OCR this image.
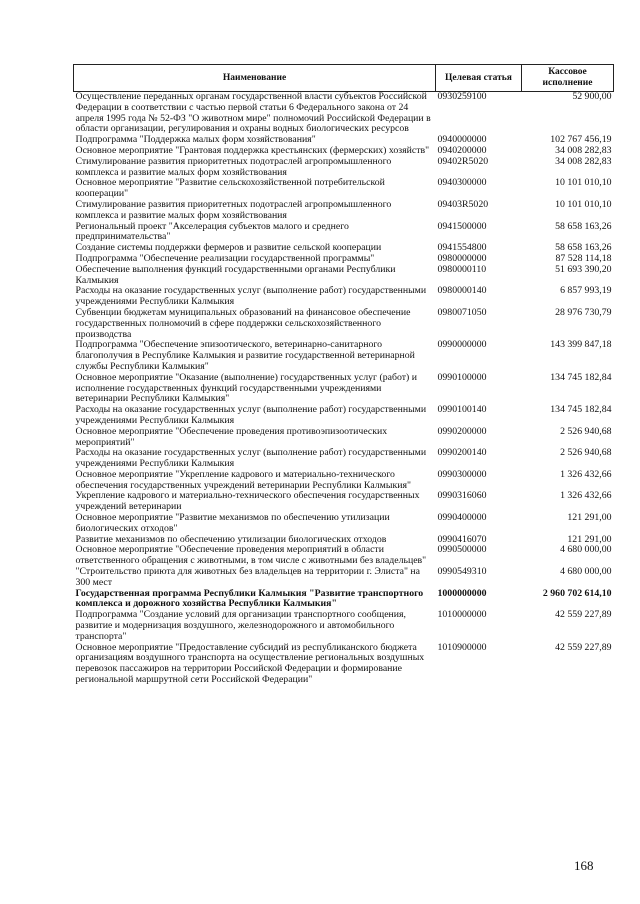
Наименование	Целевая статья	Кассовое исполнение
Осуществление переданных органам государственной власти субъектов Российской Федерации в соответствии с частью первой статьи 6 Федерального закона от 24 апреля 1995 года № 52-ФЗ "О животном мире" полномочий Российской Федерации в области организации, регулирования и охраны водных биологических ресурсов	0930259100	52 900,00
Подпрограмма "Поддержка малых форм хозяйствования"	0940000000	102 767 456,19
Основное мероприятие "Грантовая поддержка крестьянских (фермерских) хозяйств"	0940200000	34 008 282,83
Стимулирование развития приоритетных подотраслей агропромышленного комплекса и развитие малых форм хозяйствования	09402R5020	34 008 282,83
Основное мероприятие "Развитие сельскохозяйственной потребительской кооперации"	0940300000	10 101 010,10
Стимулирование развития приоритетных подотраслей агропромышленного комплекса и развитие малых форм хозяйствования	09403R5020	10 101 010,10
Региональный проект "Акселерация субъектов малого и среднего предпринимательства"	0941500000	58 658 163,26
Создание системы поддержки фермеров и развитие сельской кооперации	0941554800	58 658 163,26
Подпрограмма "Обеспечение реализации государственной программы"	0980000000	87 528 114,18
Обеспечение выполнения функций государственными органами Республики Калмыкия	0980000110	51 693 390,20
Расходы на оказание государственных услуг (выполнение работ) государственными учреждениями Республики Калмыкия	0980000140	6 857 993,19
Субвенции бюджетам муниципальных образований на финансовое обеспечение государственных полномочий в сфере поддержки сельскохозяйственного производства	0980071050	28 976 730,79
Подпрограмма "Обеспечение эпизоотического, ветеринарно-санитарного благополучия в Республике Калмыкия и развитие государственной ветеринарной службы Республики Калмыкия"	0990000000	143 399 847,18
Основное мероприятие "Оказание (выполнение) государственных услуг (работ) и исполнение государственных функций государственными учреждениями ветеринарии Республики Калмыкия"	0990100000	134 745 182,84
Расходы на оказание государственных услуг (выполнение работ) государственными учреждениями Республики Калмыкия	0990100140	134 745 182,84
Основное мероприятие "Обеспечение проведения противоэпизоотических мероприятий"	0990200000	2 526 940,68
Расходы на оказание государственных услуг (выполнение работ) государственными учреждениями Республики Калмыкия	0990200140	2 526 940,68
Основное мероприятие "Укрепление кадрового и материально-технического обеспечения государственных учреждений ветеринарии Республики Калмыкия"	0990300000	1 326 432,66
Укрепление кадрового и материально-технического обеспечения государственных учреждений ветеринарии	0990316060	1 326 432,66
Основное мероприятие "Развитие механизмов по обеспечению утилизации биологических отходов"	0990400000	121 291,00
Развитие механизмов по обеспечению утилизации биологических отходов	0990416070	121 291,00
Основное мероприятие "Обеспечение проведения мероприятий в области ответственного обращения с животными, в том числе с животными без владельцев"	0990500000	4 680 000,00
"Строительство приюта для животных без владельцев на территории г. Элиста" на 300 мест	0990549310	4 680 000,00
Государственная программа Республики Калмыкия "Развитие транспортного комплекса и дорожного хозяйства Республики Калмыкия"	1000000000	2 960 702 614,10
Подпрограмма "Создание условий для организации транспортного сообщения, развитие и модернизация воздушного, железнодорожного и автомобильного транспорта"	1010000000	42 559 227,89
Основное мероприятие "Предоставление субсидий из республиканского бюджета организациям воздушного транспорта на осуществление региональных воздушных перевозок пассажиров на территории Российской Федерации и формирование региональной маршрутной сети Российской Федерации"	1010900000	42 559 227,89
168
